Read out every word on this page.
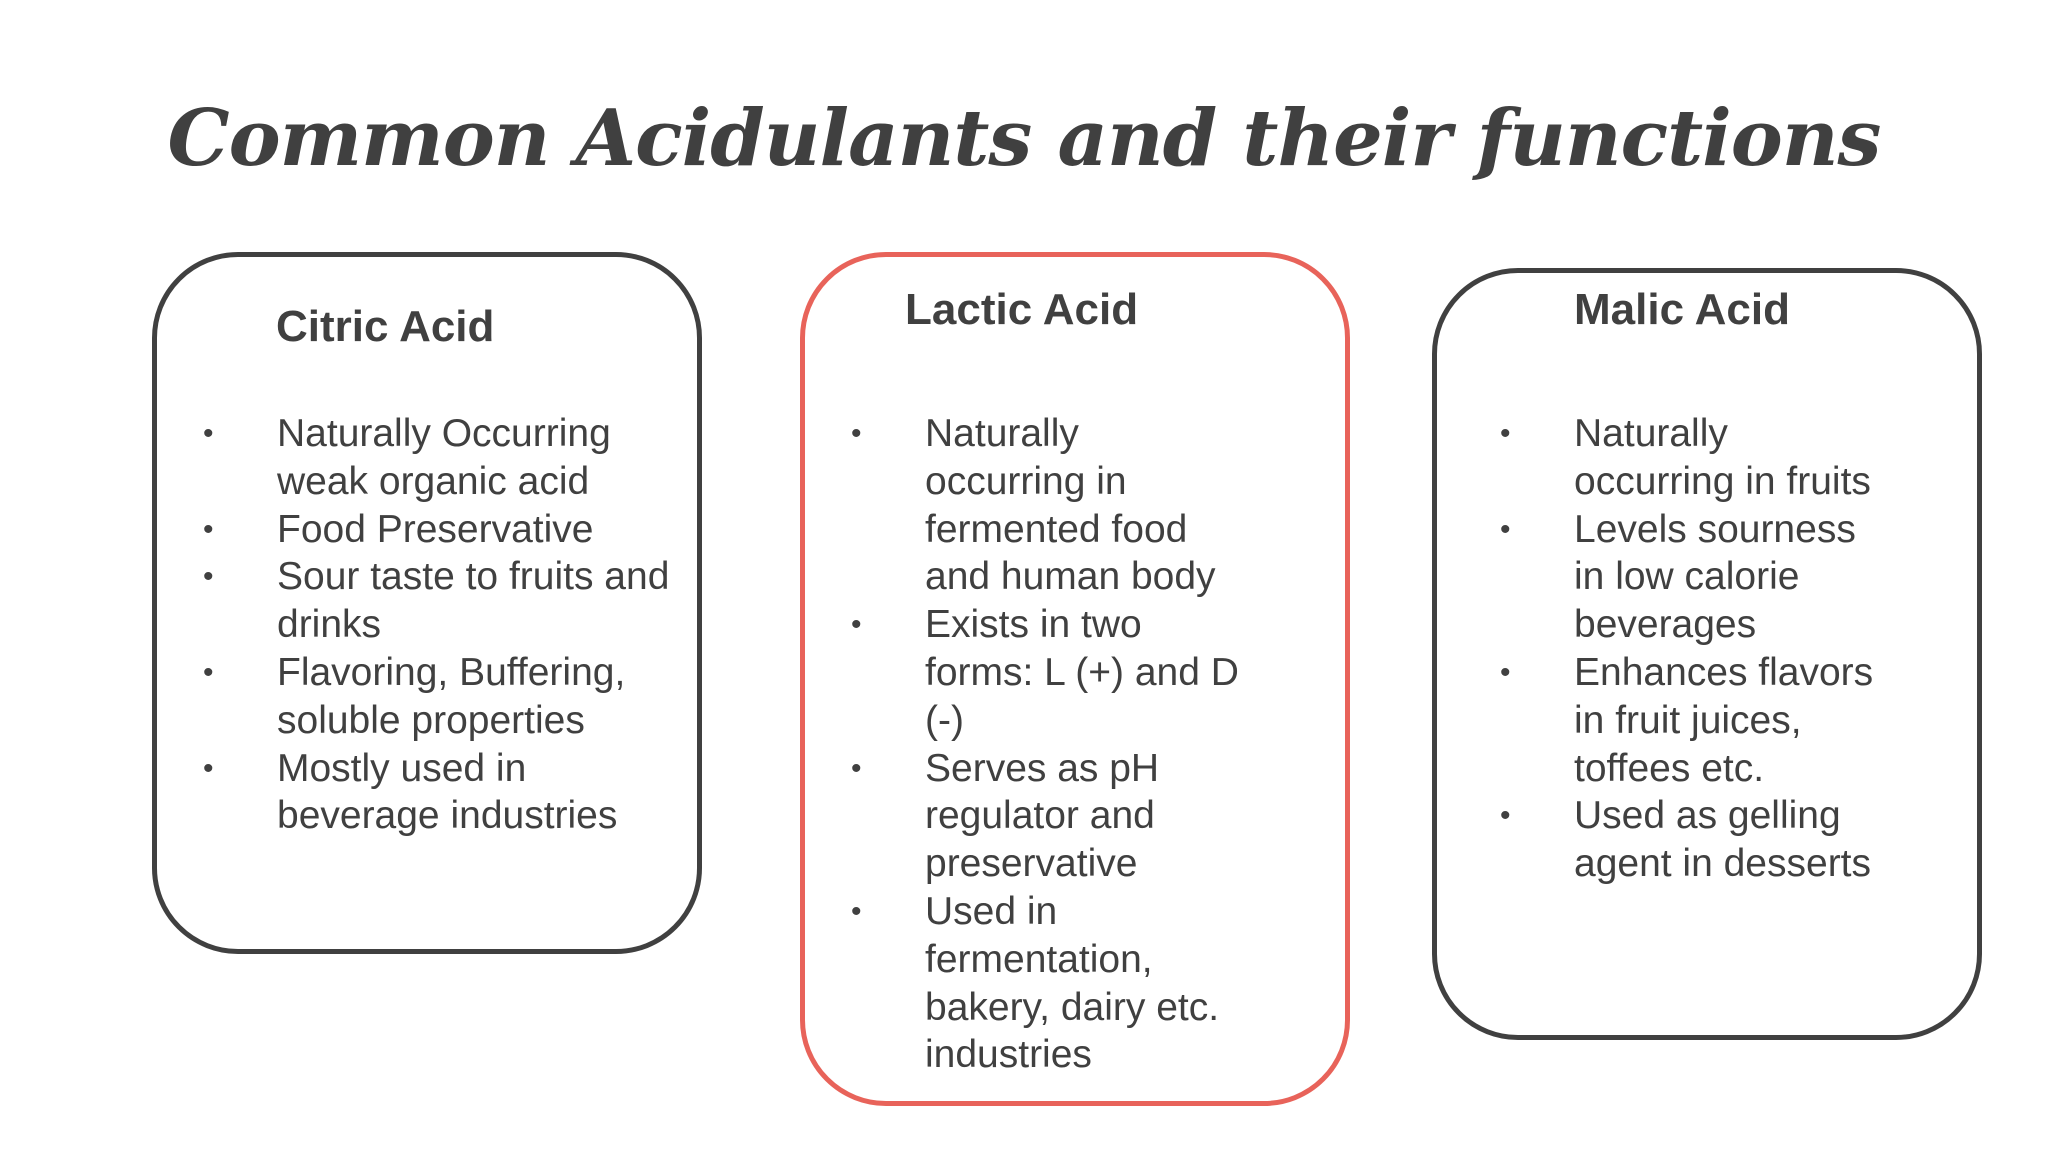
Common Acidulants and their functions
Citric Acid
• Naturally Occurring weak organic acid
• Food Preservative
• Sour taste to fruits and drinks
• Flavoring, Buffering, soluble properties
• Mostly used in beverage industries
Lactic Acid
• Naturally occurring in fermented food and human body
• Exists in two forms: L (+) and D (-)
• Serves as pH regulator and preservative
• Used in fermentation, bakery, dairy etc. industries
Malic Acid
• Naturally occurring in fruits
• Levels sourness in low calorie beverages
• Enhances flavors in fruit juices, toffees etc.
• Used as gelling agent in desserts
